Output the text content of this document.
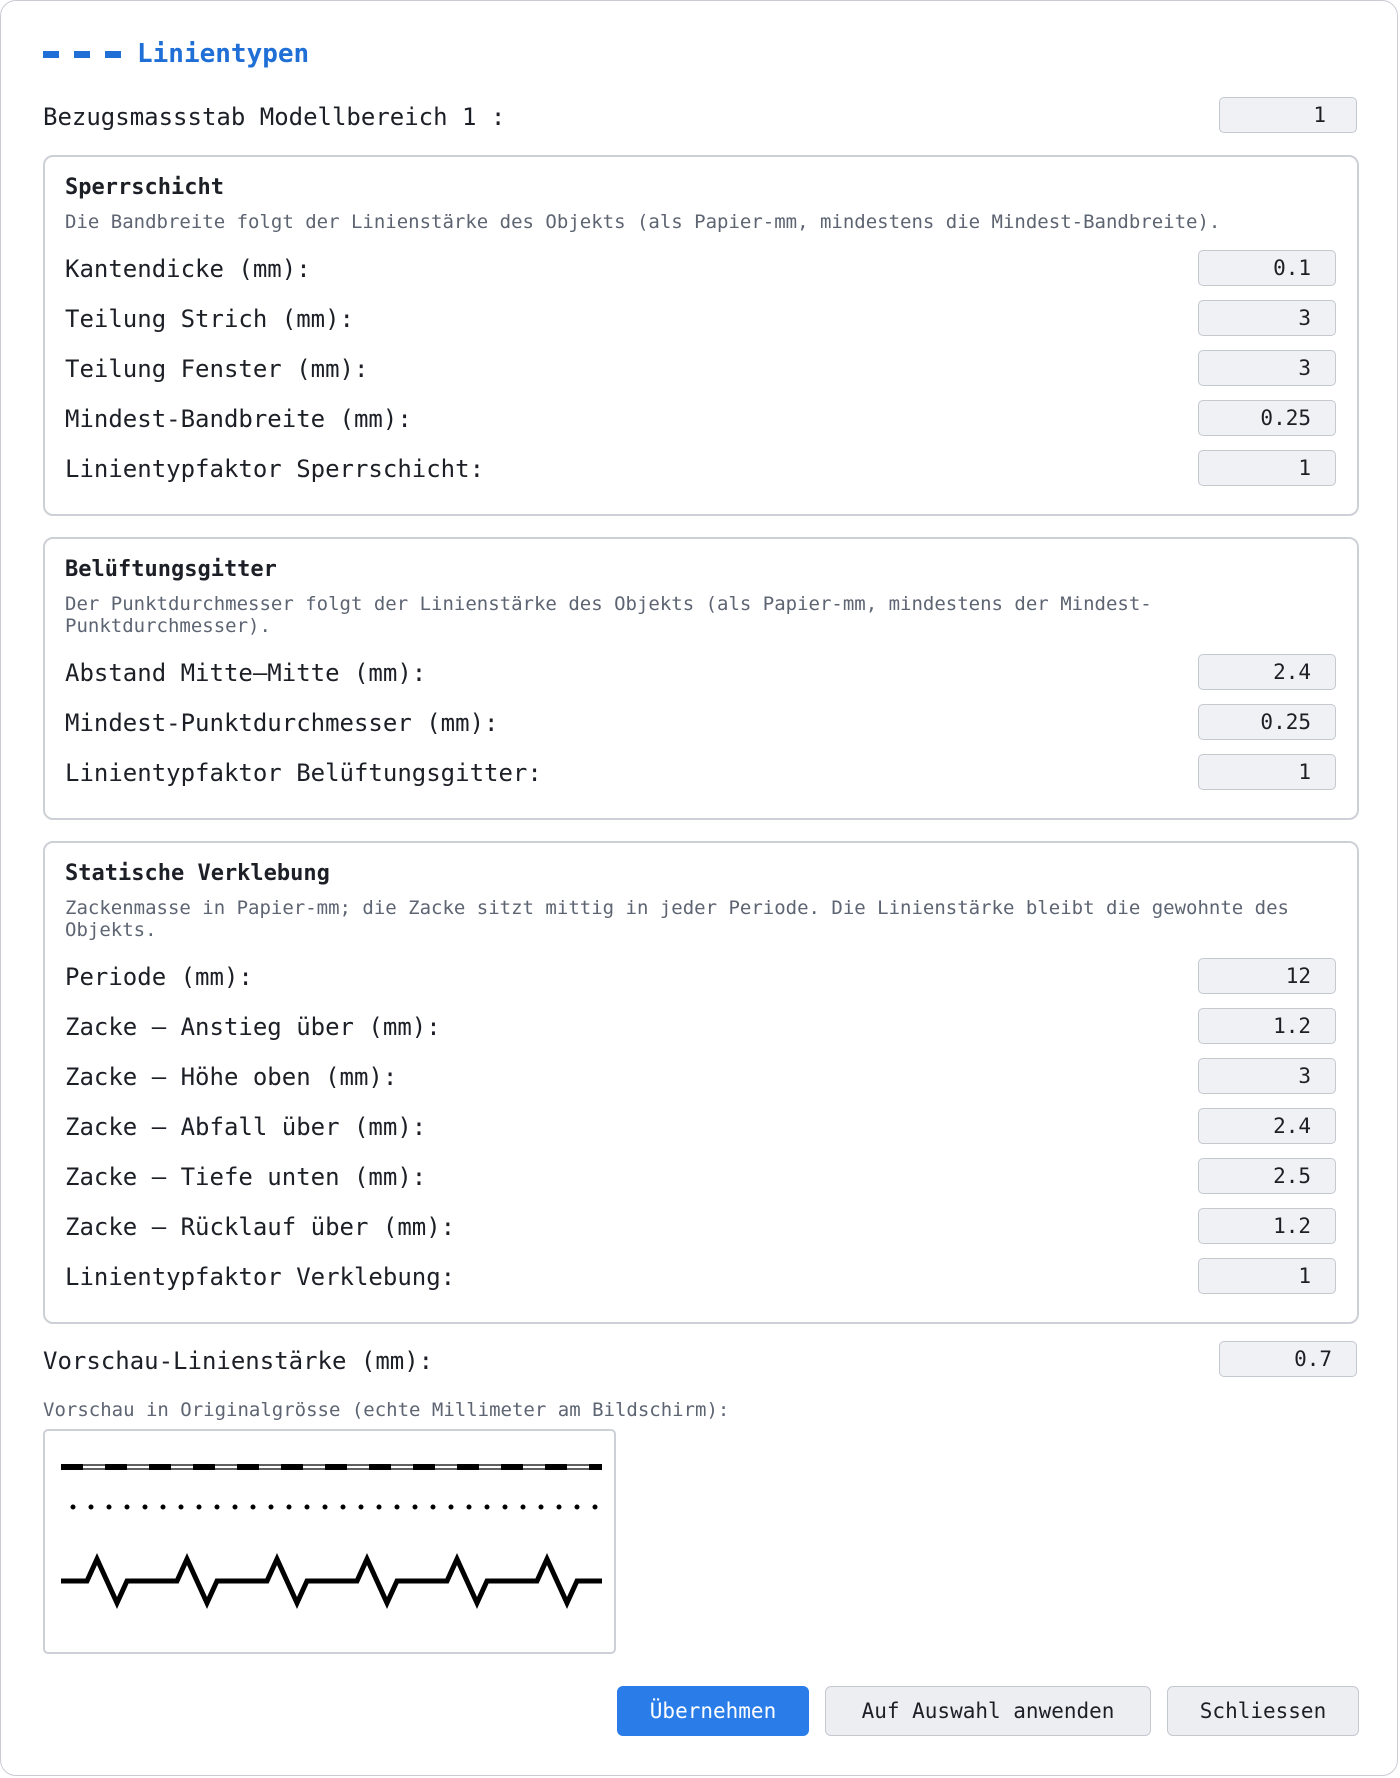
Linientypen
Bezugsmassstab Modellbereich 1 :
1
Sperrschicht
Die Bandbreite folgt der Linienstärke des Objekts (als Papier-mm, mindestens die Mindest-Bandbreite).
Kantendicke (mm):
0.1
Teilung Strich (mm):
3
Teilung Fenster (mm):
3
Mindest-Bandbreite (mm):
0.25
Linientypfaktor Sperrschicht:
1
Belüftungsgitter
Der Punktdurchmesser folgt der Linienstärke des Objekts (als Papier-mm, mindestens der Mindest-Punktdurchmesser).
Abstand Mitte–Mitte (mm):
2.4
Mindest-Punktdurchmesser (mm):
0.25
Linientypfaktor Belüftungsgitter:
1
Statische Verklebung
Zackenmasse in Papier-mm; die Zacke sitzt mittig in jeder Periode. Die Linienstärke bleibt die gewohnte des Objekts.
Periode (mm):
12
Zacke – Anstieg über (mm):
1.2
Zacke – Höhe oben (mm):
3
Zacke – Abfall über (mm):
2.4
Zacke – Tiefe unten (mm):
2.5
Zacke – Rücklauf über (mm):
1.2
Linientypfaktor Verklebung:
1
Vorschau-Linienstärke (mm):
0.7
Vorschau in Originalgrösse (echte Millimeter am Bildschirm):
Übernehmen	Auf Auswahl anwenden	Schliessen
